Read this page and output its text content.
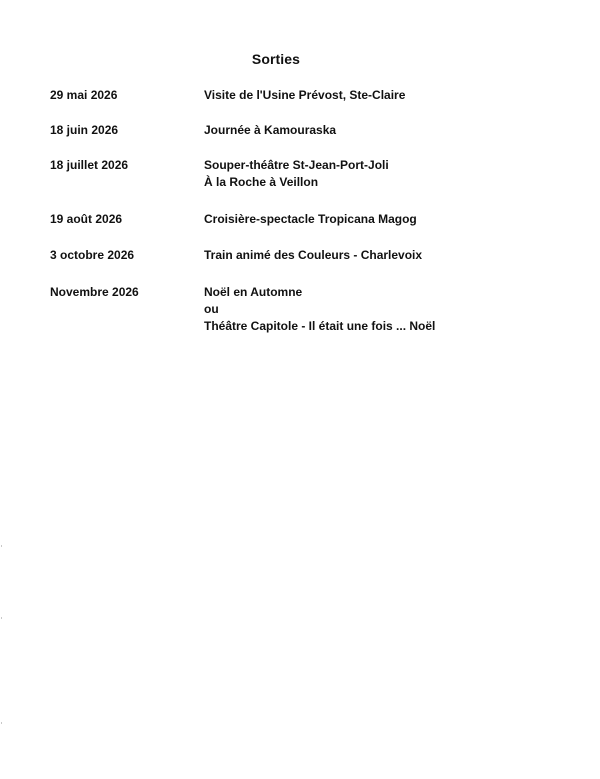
Sorties
29 mai 2026	Visite de l'Usine Prévost, Ste-Claire
18 juin 2026	Journée à Kamouraska
18 juillet 2026	Souper-théâtre St-Jean-Port-Joli
À la Roche à Veillon
19 août 2026	Croisière-spectacle Tropicana Magog
3 octobre 2026	Train animé des Couleurs - Charlevoix
Novembre 2026	Noël en Automne
ou
Théâtre Capitole - Il était une fois ... Noël
